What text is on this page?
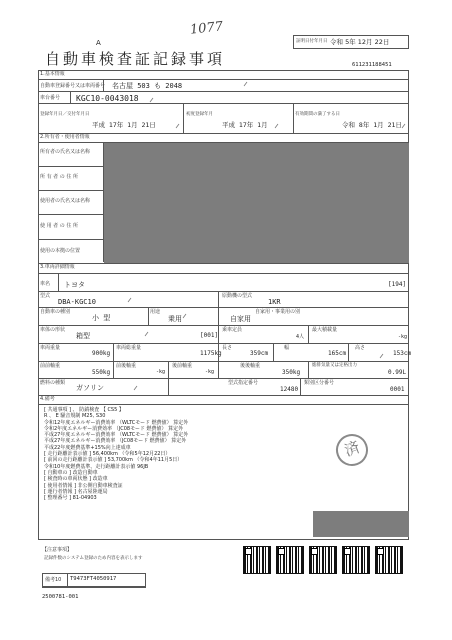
1077
A	証明日付年月日 令和 5年 12月 22日
自動車検査証記録事項	611231188451
1.基本情報
自動車登録番号又は車両番号 名古屋 503 も 2048
車台番号 KGC10-0043018
登録年月日／交付年月日
平成 17年 1月 21日
初度登録年月
平成 17年 1月
有効期間の満了する日
令和 8年 1月 21日
2.所有者・使用者情報
所有者の氏名又は名称
所 有 者 の 住 所
使用者の氏名又は名称
使 用 者 の 住 所
使用の本拠の位置
3.車両詳細情報
車名 トヨタ	[194]
型式
DBA-KGC10
原動機の型式
1KR
自動車の種別
小 型
用途
乗用
自家用・事業用の別
自家用
車体の形状
箱型	[001]
乗車定員
4人
最大積載量
-kg
車両重量
900kg
車両総重量
1175kg
長さ
359cm
幅
165cm
高さ
153cm
前前軸重
550kg
前後軸重
-kg
後前軸重
-kg
後後軸重
350kg
総排気量又は定格出力
0.99L
燃料の種類
ガソリン
型式指定番号
12480
類別区分番号
0001
4.備考
[ 共通事項 ] 、 防錆検査 【 CS5 】
R 、 E 騒音規制 M25, S30
令和12年度エネルギー消費効率 （WLTCモード 燃費値） 算定外
令和2年度エネルギー消費効率 （JC08モード 燃費値） 算定外
平成27年度エネルギー消費効率 （WLTCモード 燃費値） 算定外
平成27年度エネルギー消費効率 （JC08モード 燃費値） 算定外
平成22年度燃費基準+15%向上達成車
[ 走行距離計表示値 ] 56,400km （令和5年12月22日）
[ 前回の走行距離計表示値 ] 53,700km （令和4年11月5日）
令和10年度燃費基準、走行距離計表示値 96JB
[ 自動車の ] 改造自動車
[ 検査時の車両状態 ] 改造車
[ 使用者情報 ] 非公開自動車検査証
[ 運行者情報 ] 名古屋陸運局
[ 整理番号 ] 81-04903
済
【注意事項】
記録件数のシステム登録のため内容を表示します
備考10 T9473FT4050917
2500781-001
